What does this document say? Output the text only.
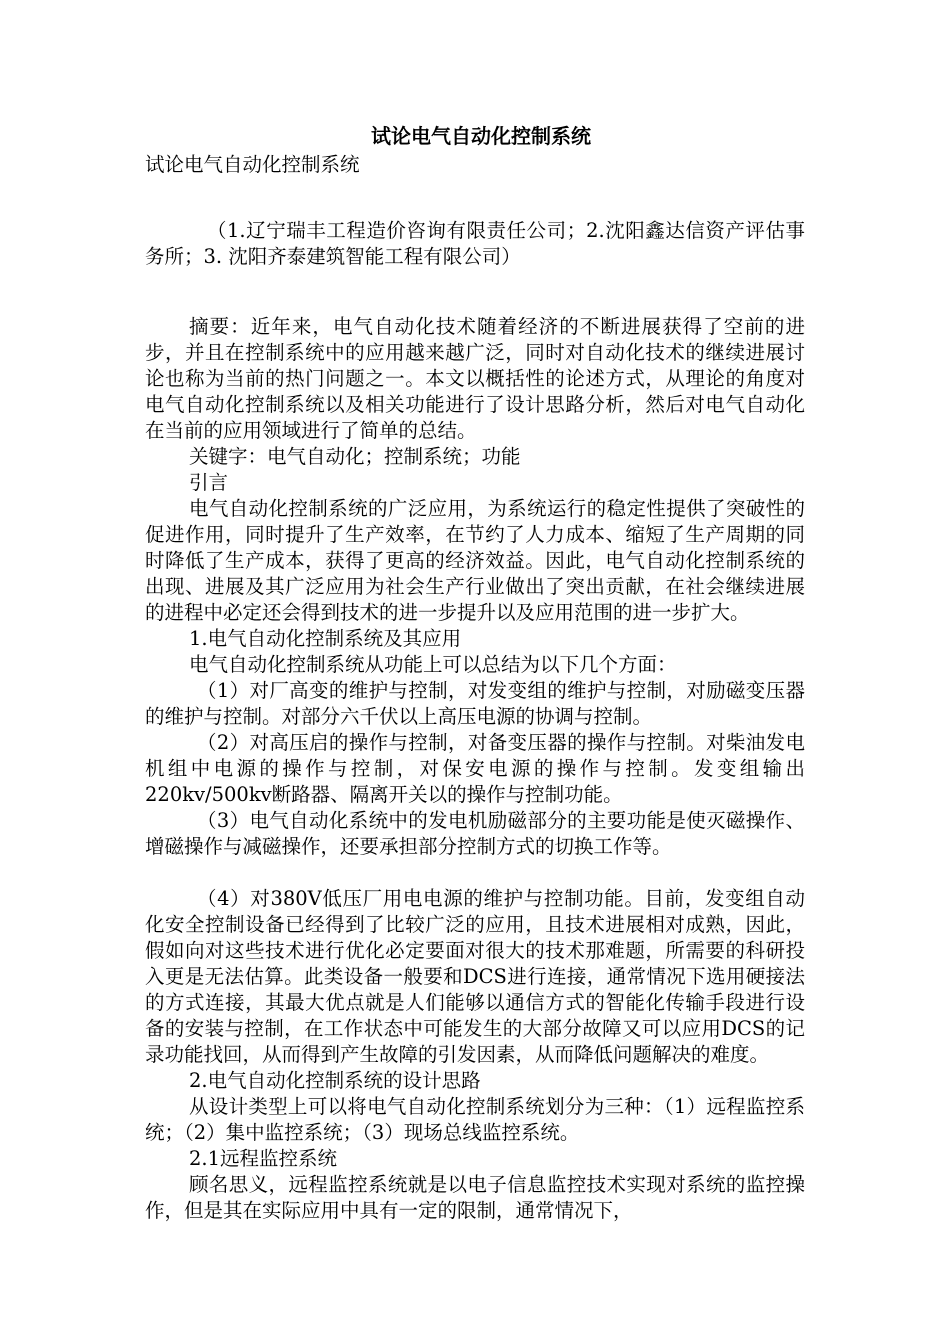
试论电气自动化控制系统
试论电气自动化控制系统
（1.辽宁瑞丰工程造价咨询有限责任公司；2.沈阳鑫达信资产评估事务所；3. 沈阳齐泰建筑智能工程有限公司）
摘要：近年来，电气自动化技术随着经济的不断进展获得了空前的进步，并且在控制系统中的应用越来越广泛，同时对自动化技术的继续进展讨论也称为当前的热门问题之一。本文以概括性的论述方式，从理论的角度对电气自动化控制系统以及相关功能进行了设计思路分析，然后对电气自动化在当前的应用领域进行了简单的总结。
关键字：电气自动化；控制系统；功能
引言
电气自动化控制系统的广泛应用，为系统运行的稳定性提供了突破性的促进作用，同时提升了生产效率，在节约了人力成本、缩短了生产周期的同时降低了生产成本，获得了更高的经济效益。因此，电气自动化控制系统的出现、进展及其广泛应用为社会生产行业做出了突出贡献，在社会继续进展的进程中必定还会得到技术的进一步提升以及应用范围的进一步扩大。
1.电气自动化控制系统及其应用
电气自动化控制系统从功能上可以总结为以下几个方面：
（1）对厂高变的维护与控制，对发变组的维护与控制，对励磁变压器的维护与控制。对部分六千伏以上高压电源的协调与控制。
（2）对高压启的操作与控制，对备变压器的操作与控制。对柴油发电机组中电源的操作与控制，对保安电源的操作与控制。发变组输出220kv/500kv断路器、隔离开关以的操作与控制功能。
（3）电气自动化系统中的发电机励磁部分的主要功能是使灭磁操作、增磁操作与减磁操作，还要承担部分控制方式的切换工作等。
（4）对380V低压厂用电电源的维护与控制功能。目前，发变组自动化安全控制设备已经得到了比较广泛的应用，且技术进展相对成熟，因此，假如向对这些技术进行优化必定要面对很大的技术那难题，所需要的科研投入更是无法估算。此类设备一般要和DCS进行连接，通常情况下选用硬接法的方式连接，其最大优点就是人们能够以通信方式的智能化传输手段进行设备的安装与控制，在工作状态中可能发生的大部分故障又可以应用DCS的记录功能找回，从而得到产生故障的引发因素，从而降低问题解决的难度。
2.电气自动化控制系统的设计思路
从设计类型上可以将电气自动化控制系统划分为三种：（1）远程监控系统；（2）集中监控系统；（3）现场总线监控系统。
2.1远程监控系统
顾名思义，远程监控系统就是以电子信息监控技术实现对系统的监控操作，但是其在实际应用中具有一定的限制，通常情况下，
